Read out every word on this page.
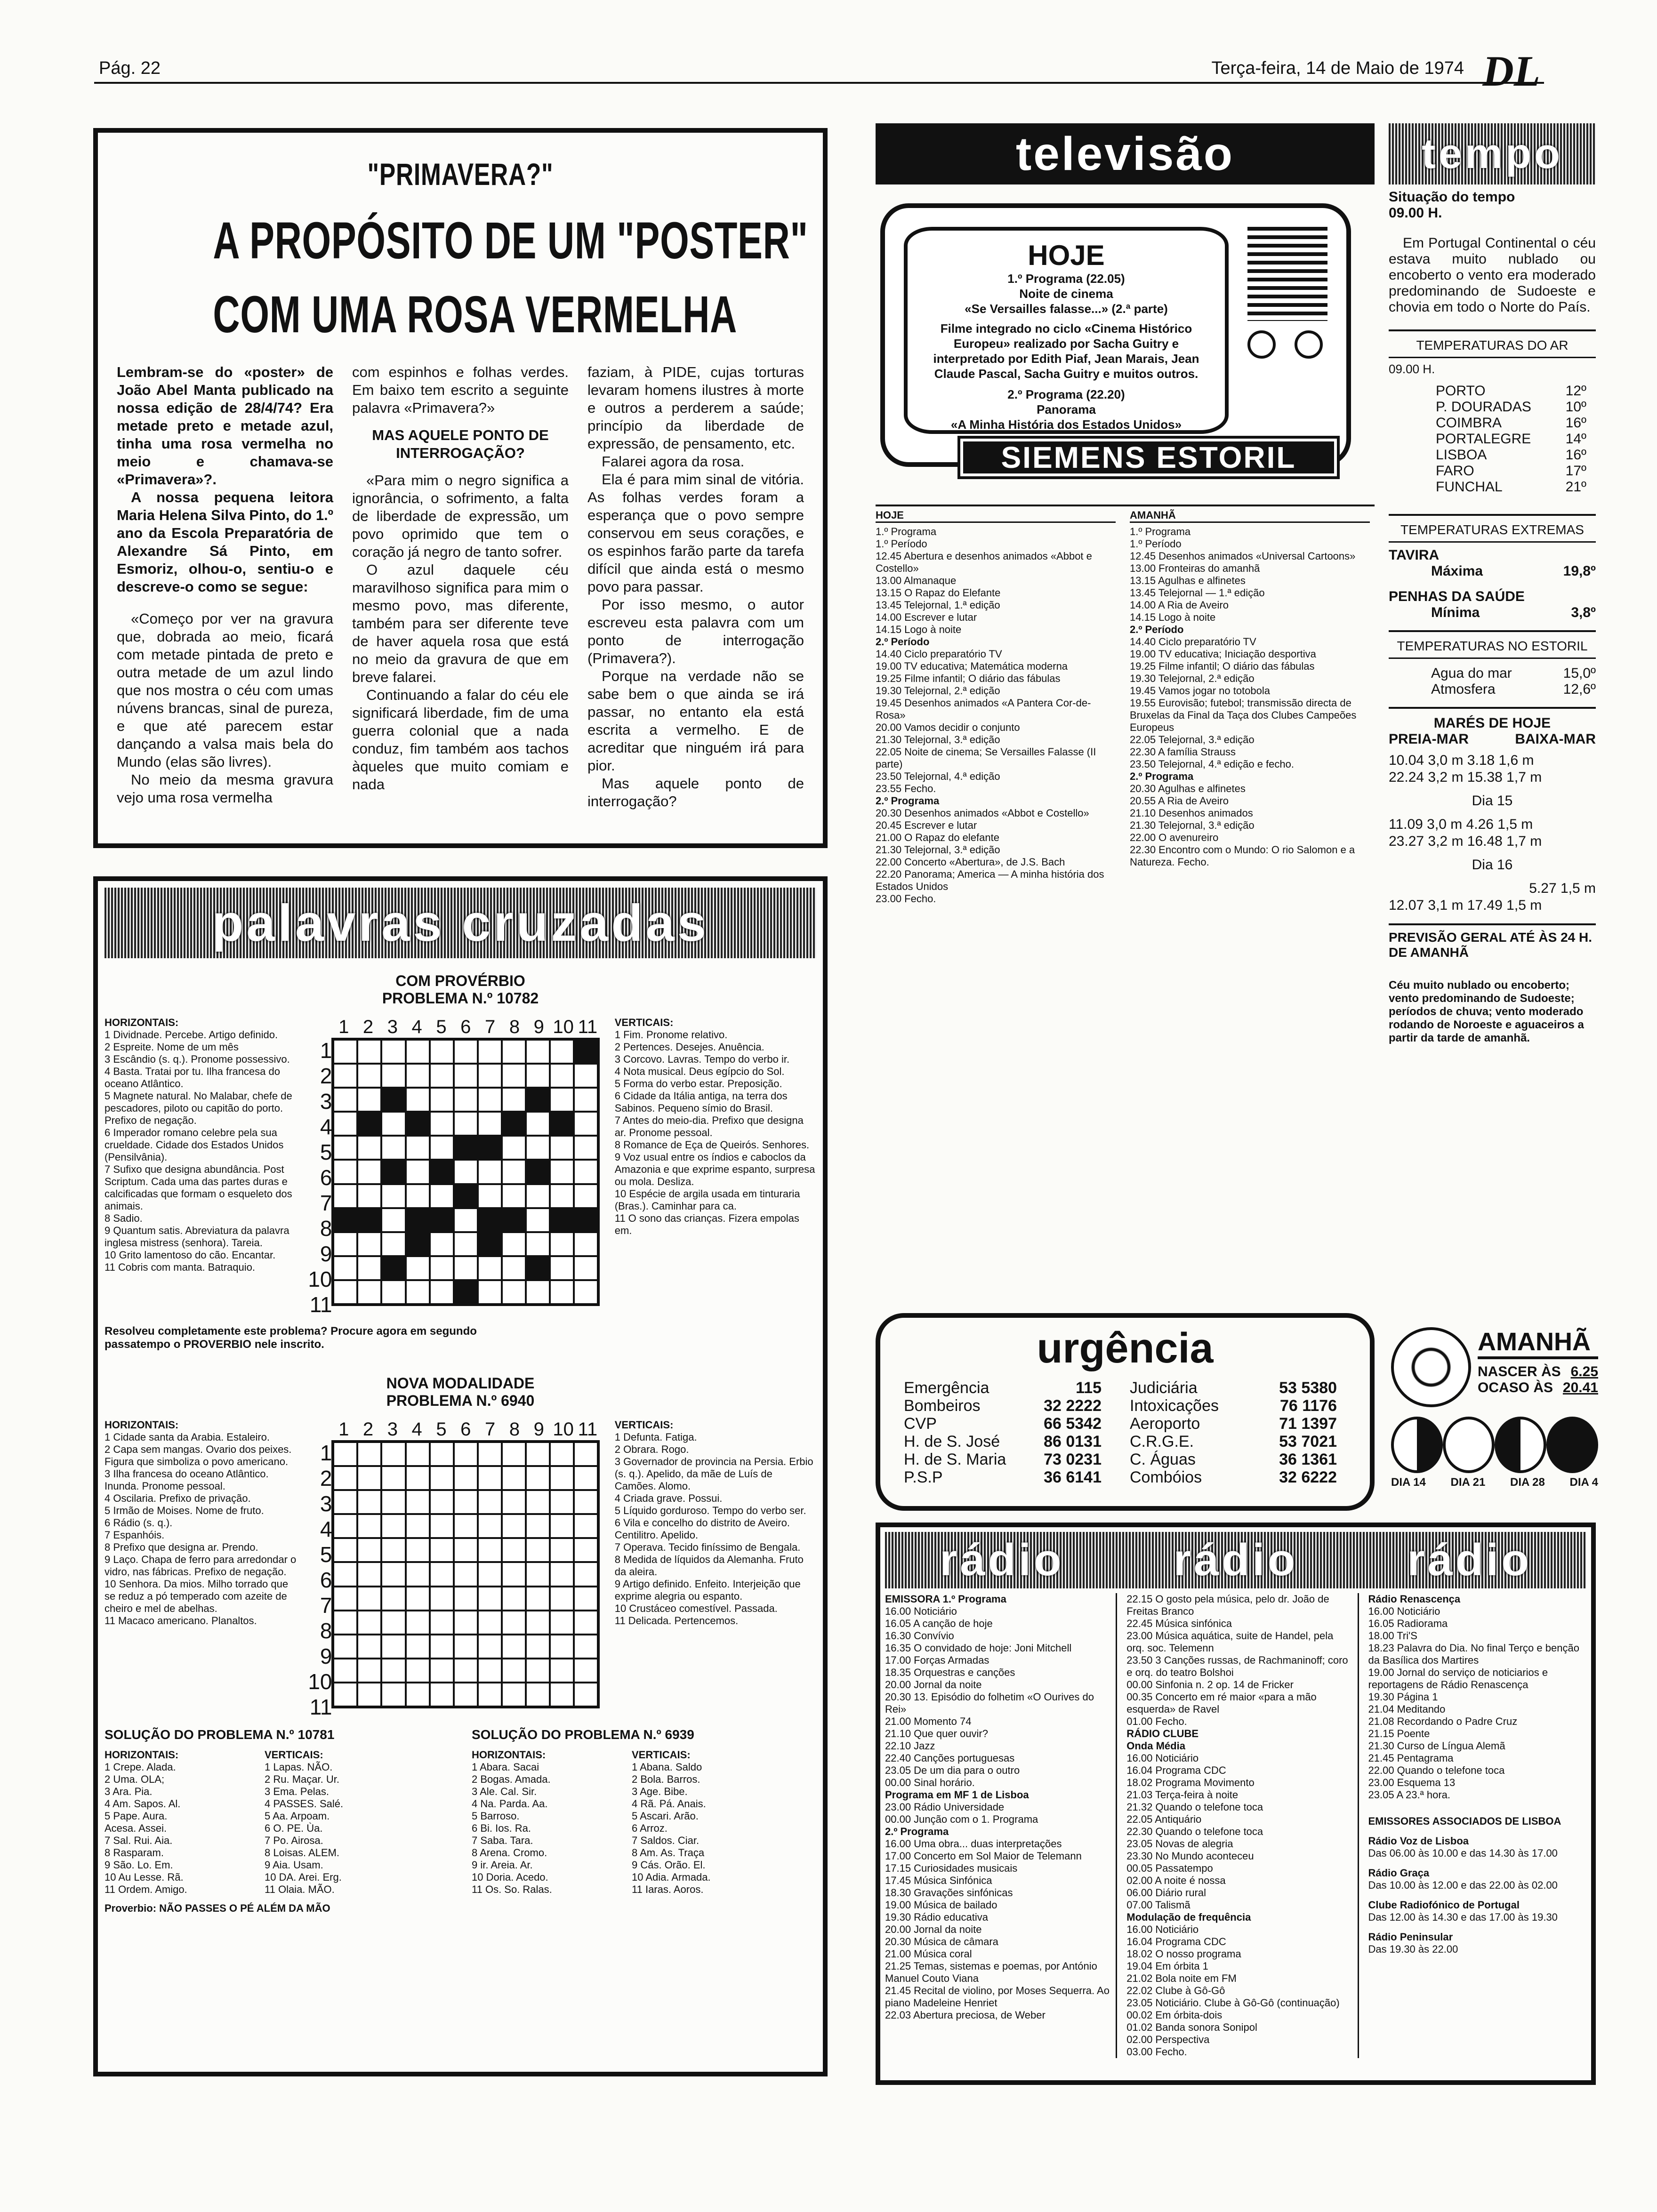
Pág. 22	Terça-feira, 14 de Maio de 1974 DL
"PRIMAVERA?"
A PROPÓSITO DE UM "POSTER"
COM UMA ROSA VERMELHA

Lembram-se do «poster» de João Abel Manta publicado na nossa edição de 28/4/74? Era metade preto e metade azul, tinha uma rosa vermelha no meio e chamava-se «Primavera»?.

A nossa pequena leitora Maria Helena Silva Pinto, do 1.º ano da Escola Preparatória de Alexandre Sá Pinto, em Esmoriz, olhou-o, sentiu-o e descreve-o como se segue:

«Começo por ver na gravura que, dobrada ao meio, ficará com metade pintada de preto e outra metade de um azul lindo que nos mostra o céu com umas núvens brancas, sinal de pureza, e que até parecem estar dançando a valsa mais bela do Mundo (elas são livres).

No meio da mesma gravura vejo uma rosa vermelha

com espinhos e folhas verdes. Em baixo tem escrito a seguinte palavra «Primavera?»

MAS AQUELE PONTO DE INTERROGAÇÃO?

«Para mim o negro significa a ignorância, o sofrimento, a falta de liberdade de expressão, um povo oprimido que tem o coração já negro de tanto sofrer.

O azul daquele céu maravilhoso significa para mim o mesmo povo, mas diferente, também para ser diferente teve de haver aquela rosa que está no meio da gravura de que em breve falarei.

Continuando a falar do céu ele significará liberdade, fim de uma guerra colonial que a nada conduz, fim também aos tachos àqueles que muito comiam e nada

faziam, à PIDE, cujas torturas levaram homens ilustres à morte e outros a perderem a saúde; princípio da liberdade de expressão, de pensamento, etc.

Falarei agora da rosa.

Ela é para mim sinal de vitória. As folhas verdes foram a esperança que o povo sempre conservou em seus corações, e os espinhos farão parte da tarefa difícil que ainda está o mesmo povo para passar.

Por isso mesmo, o autor escreveu esta palavra com um ponto de interrogação (Primavera?).

Porque na verdade não se sabe bem o que ainda se irá passar, no entanto ela está escrita a vermelho. E de acreditar que ninguém irá para pior.

Mas aquele ponto de interrogação?

palavras cruzadas
COM PROVÉRBIO
PROBLEMA N.º 10782
HORIZONTAIS:
1 Dividnade. Percebe. Artigo definido.
2 Espreite. Nome de um mês
3 Escândio (s. q.). Pronome possessivo.
4 Basta. Tratai por tu. Ilha francesa do oceano Atlântico.
5 Magnete natural. No Malabar, chefe de pescadores, piloto ou capitão do porto. Prefixo de negação.
6 Imperador romano celebre pela sua crueldade. Cidade dos Estados Unidos (Pensilvânia).
7 Sufixo que designa abundância. Post Scriptum. Cada uma das partes duras e calcificadas que formam o esqueleto dos animais.
8 Sadio.
9 Quantum satis. Abreviatura da palavra inglesa mistress (senhora). Tareia.
10 Grito lamentoso do cão. Encantar.
11 Cobris com manta. Batraquio.
1 2 3 4 5 6 7 8 9 10 11
1
2
3
4
5
6
7
8
9
10
11
VERTICAIS:
1 Fim. Pronome relativo.
2 Pertences. Desejes. Anuência.
3 Corcovo. Lavras. Tempo do verbo ir.
4 Nota musical. Deus egípcio do Sol.
5 Forma do verbo estar. Preposição.
6 Cidade da Itália antiga, na terra dos Sabinos. Pequeno símio do Brasil.
7 Antes do meio-dia. Prefixo que designa ar. Pronome pessoal.
8 Romance de Eça de Queirós. Senhores.
9 Voz usual entre os índios e caboclos da Amazonia e que exprime espanto, surpresa ou mola. Desliza.
10 Espécie de argila usada em tinturaria (Bras.). Caminhar para ca.
11 O sono das crianças. Fizera empolas em.
Resolveu completamente este problema? Procure agora em segundo passatempo o PROVERBIO nele inscrito.
NOVA MODALIDADE
PROBLEMA N.º 6940
HORIZONTAIS:
1 Cidade santa da Arabia. Estaleiro.
2 Capa sem mangas. Ovario dos peixes. Figura que simboliza o povo americano.
3 Ilha francesa do oceano Atlântico. Inunda. Pronome pessoal.
4 Oscilaria. Prefixo de privação.
5 Irmão de Moises. Nome de fruto.
6 Rádio (s. q.).
7 Espanhóis.
8 Prefixo que designa ar. Prendo.
9 Laço. Chapa de ferro para arredondar o vidro, nas fábricas. Prefixo de negação.
10 Senhora. Da mios. Milho torrado que se reduz a pó temperado com azeite de cheiro e mel de abelhas.
11 Macaco americano. Planaltos.
1 2 3 4 5 6 7 8 9 10 11
1
2
3
4
5
6
7
8
9
10
11
VERTICAIS:
1 Defunta. Fatiga.
2 Obrara. Rogo.
3 Governador de provincia na Persia. Erbio (s. q.). Apelido, da mãe de Luís de Camões. Alomo.
4 Criada grave. Possui.
5 Líquido gorduroso. Tempo do verbo ser.
6 Vila e concelho do distrito de Aveiro. Centilitro. Apelido.
7 Operava. Tecido finíssimo de Bengala.
8 Medida de líquidos da Alemanha. Fruto da aleira.
9 Artigo definido. Enfeito. Interjeição que exprime alegria ou espanto.
10 Crustáceo comestível. Passada.
11 Delicada. Pertencemos.
SOLUÇÃO DO PROBLEMA N.º 10781
HORIZONTAIS:
1 Crepe. Alada.
2 Uma. OLA;
3 Ara. Pia.
4 Am. Sapos. Al.
5 Pape. Aura.
Acesa. Assei.
7 Sal. Rui. Aia.
8 Rasparam.
9 São. Lo. Em.
10 Au Lesse. Rã.
11 Ordem. Amigo.
VERTICAIS:
1 Lapas. NÃO.
2 Ru. Maçar. Ur.
3 Ema. Pelas.
4 PASSES. Salé.
5 Aa. Arpoam.
6 O. PE. Ùa.
7 Po. Airosa.
8 Loisas. ALEM.
9 Aia. Usam.
10 DA. Arei. Erg.
11 Olaia. MÃO.
Proverbio: NÃO PASSES O PÉ ALÉM DA MÃO
SOLUÇÃO DO PROBLEMA N.º 6939
HORIZONTAIS:
1 Abara. Sacai
2 Bogas. Amada.
3 Ale. Cal. Sir.
4 Na. Parda. Aa.
5 Barroso.
6 Bi. Ios. Ra.
7 Saba. Tara.
8 Arena. Cromo.
9 ir. Areia. Ar.
10 Doria. Acedo.
11 Os. So. Ralas.
VERTICAIS:
1 Abana. Saldo
2 Bola. Barros.
3 Age. Bibe.
4 Rã. Pá. Anais.
5 Ascari. Arão.
6 Arroz.
7 Saldos. Ciar.
8 Am. As. Traça
9 Cás. Orão. El.
10 Adia. Armada.
11 Iaras. Aoros.
televisão
HOJE
1.º Programa (22.05)
Noite de cinema
«Se Versailles falasse...» (2.ª parte)
Filme integrado no ciclo «Cinema Histórico Europeu» realizado por Sacha Guitry e interpretado por Edith Piaf, Jean Marais, Jean Claude Pascal, Sacha Guitry e muitos outros.
2.º Programa (22.20)
Panorama
«A Minha História dos Estados Unidos»
SIEMENS ESTORIL
HOJE
1.º Programa
1.º Período
12.45 Abertura e desenhos animados «Abbot e Costello»
13.00 Almanaque
13.15 O Rapaz do Elefante
13.45 Telejornal, 1.ª edição
14.00 Escrever e lutar
14.15 Logo à noite
2.º Período
14.40 Ciclo preparatório TV
19.00 TV educativa; Matemática moderna
19.25 Filme infantil; O diário das fábulas
19.30 Telejornal, 2.ª edição
19.45 Desenhos animados «A Pantera Cor-de-Rosa»
20.00 Vamos decidir o conjunto
21.30 Telejornal, 3.ª edição
22.05 Noite de cinema; Se Versailles Falasse (II parte)
23.50 Telejornal, 4.ª edição
23.55 Fecho.
2.º Programa
20.30 Desenhos animados «Abbot e Costello»
20.45 Escrever e lutar
21.00 O Rapaz do elefante
21.30 Telejornal, 3.ª edição
22.00 Concerto «Abertura», de J.S. Bach
22.20 Panorama; America — A minha história dos Estados Unidos
23.00 Fecho.
AMANHÃ
1.º Programa
1.º Período
12.45 Desenhos animados «Universal Cartoons»
13.00 Fronteiras do amanhã
13.15 Agulhas e alfinetes
13.45 Telejornal — 1.ª edição
14.00 A Ria de Aveiro
14.15 Logo à noite
2.º Período
14.40 Ciclo preparatório TV
19.00 TV educativa; Iniciação desportiva
19.25 Filme infantil; O diário das fábulas
19.30 Telejornal, 2.ª edição
19.45 Vamos jogar no totobola
19.55 Eurovisão; futebol; transmissão directa de Bruxelas da Final da Taça dos Clubes Campeões Europeus
22.05 Telejornal, 3.ª edição
22.30 A família Strauss
23.50 Telejornal, 4.ª edição e fecho.
2.º Programa
20.30 Agulhas e alfinetes
20.55 A Ria de Aveiro
21.10 Desenhos animados
21.30 Telejornal, 3.ª edição
22.00 O avenureiro
22.30 Encontro com o Mundo: O rio Salomon e a Natureza. Fecho.
tempo
Situação do tempo
09.00 H.
Em Portugal Continental o céu estava muito nublado ou encoberto o vento era moderado predominando de Sudoeste e chovia em todo o Norte do País.
TEMPERATURAS DO AR
09.00 H.
PORTO	12º
P. DOURADAS	10º
COIMBRA	16º
PORTALEGRE	14º
LISBOA	16º
FARO	17º
FUNCHAL	21º
TEMPERATURAS EXTREMAS
TAVIRA
Máxima	19,8º
PENHAS DA SAÚDE
Mínima	3,8º
TEMPERATURAS NO ESTORIL
Agua do mar	15,0º
Atmosfera	12,6º
MARÉS DE HOJE
PREIA-MAR	BAIXA-MAR
10.04 3,0 m 3.18 1,6 m
22.24 3,2 m 15.38 1,7 m
Dia 15
11.09 3,0 m 4.26 1,5 m
23.27 3,2 m 16.48 1,7 m
Dia 16
5.27 1,5 m
12.07 3,1 m 17.49 1,5 m
PREVISÃO GERAL ATÉ ÀS 24 H. DE AMANHÃ
Céu muito nublado ou encoberto; vento predominando de Sudoeste; períodos de chuva; vento moderado rodando de Noroeste e aguaceiros a partir da tarde de amanhã.
urgência
Emergência	115
Bombeiros	32 2222
CVP	66 5342
H. de S. José	86 0131
H. de S. Maria	73 0231
P.S.P	36 6141
Judiciária	53 5380
Intoxicações	76 1176
Aeroporto	71 1397
C.R.G.E.	53 7021
C. Águas	36 1361
Combóios	32 6222
AMANHÃ
NASCER ÀS 6.25
OCASO ÀS 20.41
DIA 14 DIA 21 DIA 28 DIA 4
rádio rádio rádio
EMISSORA 1.º Programa
16.00 Noticiário
16.05 A canção de hoje
16.30 Convívio
16.35 O convidado de hoje: Joni Mitchell
17.00 Forças Armadas
18.35 Orquestras e canções
20.00 Jornal da noite
20.30 13. Episódio do folhetim «O Ourives do Rei»
21.00 Momento 74
21.10 Que quer ouvir?
22.10 Jazz
22.40 Canções portuguesas
23.05 De um dia para o outro
00.00 Sinal horário.
Programa em MF 1 de Lisboa
23.00 Rádio Universidade
00.00 Junção com o 1. Programa
2.º Programa
16.00 Uma obra... duas interpretações
17.00 Concerto em Sol Maior de Telemann
17.15 Curiosidades musicais
17.45 Música Sinfónica
18.30 Gravações sinfónicas
19.00 Música de bailado
19.30 Rádio educativa
20.00 Jornal da noite
20.30 Música de câmara
21.00 Música coral
21.25 Temas, sistemas e poemas, por António Manuel Couto Viana
21.45 Recital de violino, por Moses Sequerra. Ao piano Madeleine Henriet
22.03 Abertura preciosa, de Weber
22.15 O gosto pela música, pelo dr. João de Freitas Branco
22.45 Música sinfónica
23.00 Música aquática, suite de Handel, pela orq. soc. Telemenn
23.50 3 Canções russas, de Rachmaninoff; coro e orq. do teatro Bolshoi
00.00 Sinfonia n. 2 op. 14 de Fricker
00.35 Concerto em ré maior «para a mão esquerda» de Ravel
01.00 Fecho.
RÁDIO CLUBE
Onda Média
16.00 Noticiário
16.04 Programa CDC
18.02 Programa Movimento
21.03 Terça-feira à noite
21.32 Quando o telefone toca
22.05 Antiquário
22.30 Quando o telefone toca
23.05 Novas de alegria
23.30 No Mundo aconteceu
00.05 Passatempo
02.00 A noite é nossa
06.00 Diário rural
07.00 Talismã
Modulação de frequência
16.00 Noticiário
16.04 Programa CDC
18.02 O nosso programa
19.04 Em órbita 1
21.02 Bola noite em FM
22.02 Clube à Gô-Gô
23.05 Noticiário. Clube à Gô-Gô (continuação)
00.02 Em órbita-dois
01.02 Banda sonora Sonipol
02.00 Perspectiva
03.00 Fecho.
Rádio Renascença
16.00 Noticiário
16.05 Radiorama
18.00 Tri'S
18.23 Palavra do Dia. No final Terço e benção da Basílica dos Martires
19.00 Jornal do serviço de noticiarios e reportagens de Rádio Renascença
19.30 Página 1
21.04 Meditando
21.08 Recordando o Padre Cruz
21.15 Poente
21.30 Curso de Língua Alemã
21.45 Pentagrama
22.00 Quando o telefone toca
23.00 Esquema 13
23.05 A 23.ª hora.
EMISSORES ASSOCIADOS DE LISBOA
Rádio Voz de Lisboa
Das 06.00 às 10.00 e das 14.30 às 17.00
Rádio Graça
Das 10.00 às 12.00 e das 22.00 às 02.00
Clube Radiofónico de Portugal
Das 12.00 às 14.30 e das 17.00 às 19.30
Rádio Peninsular
Das 19.30 às 22.00
